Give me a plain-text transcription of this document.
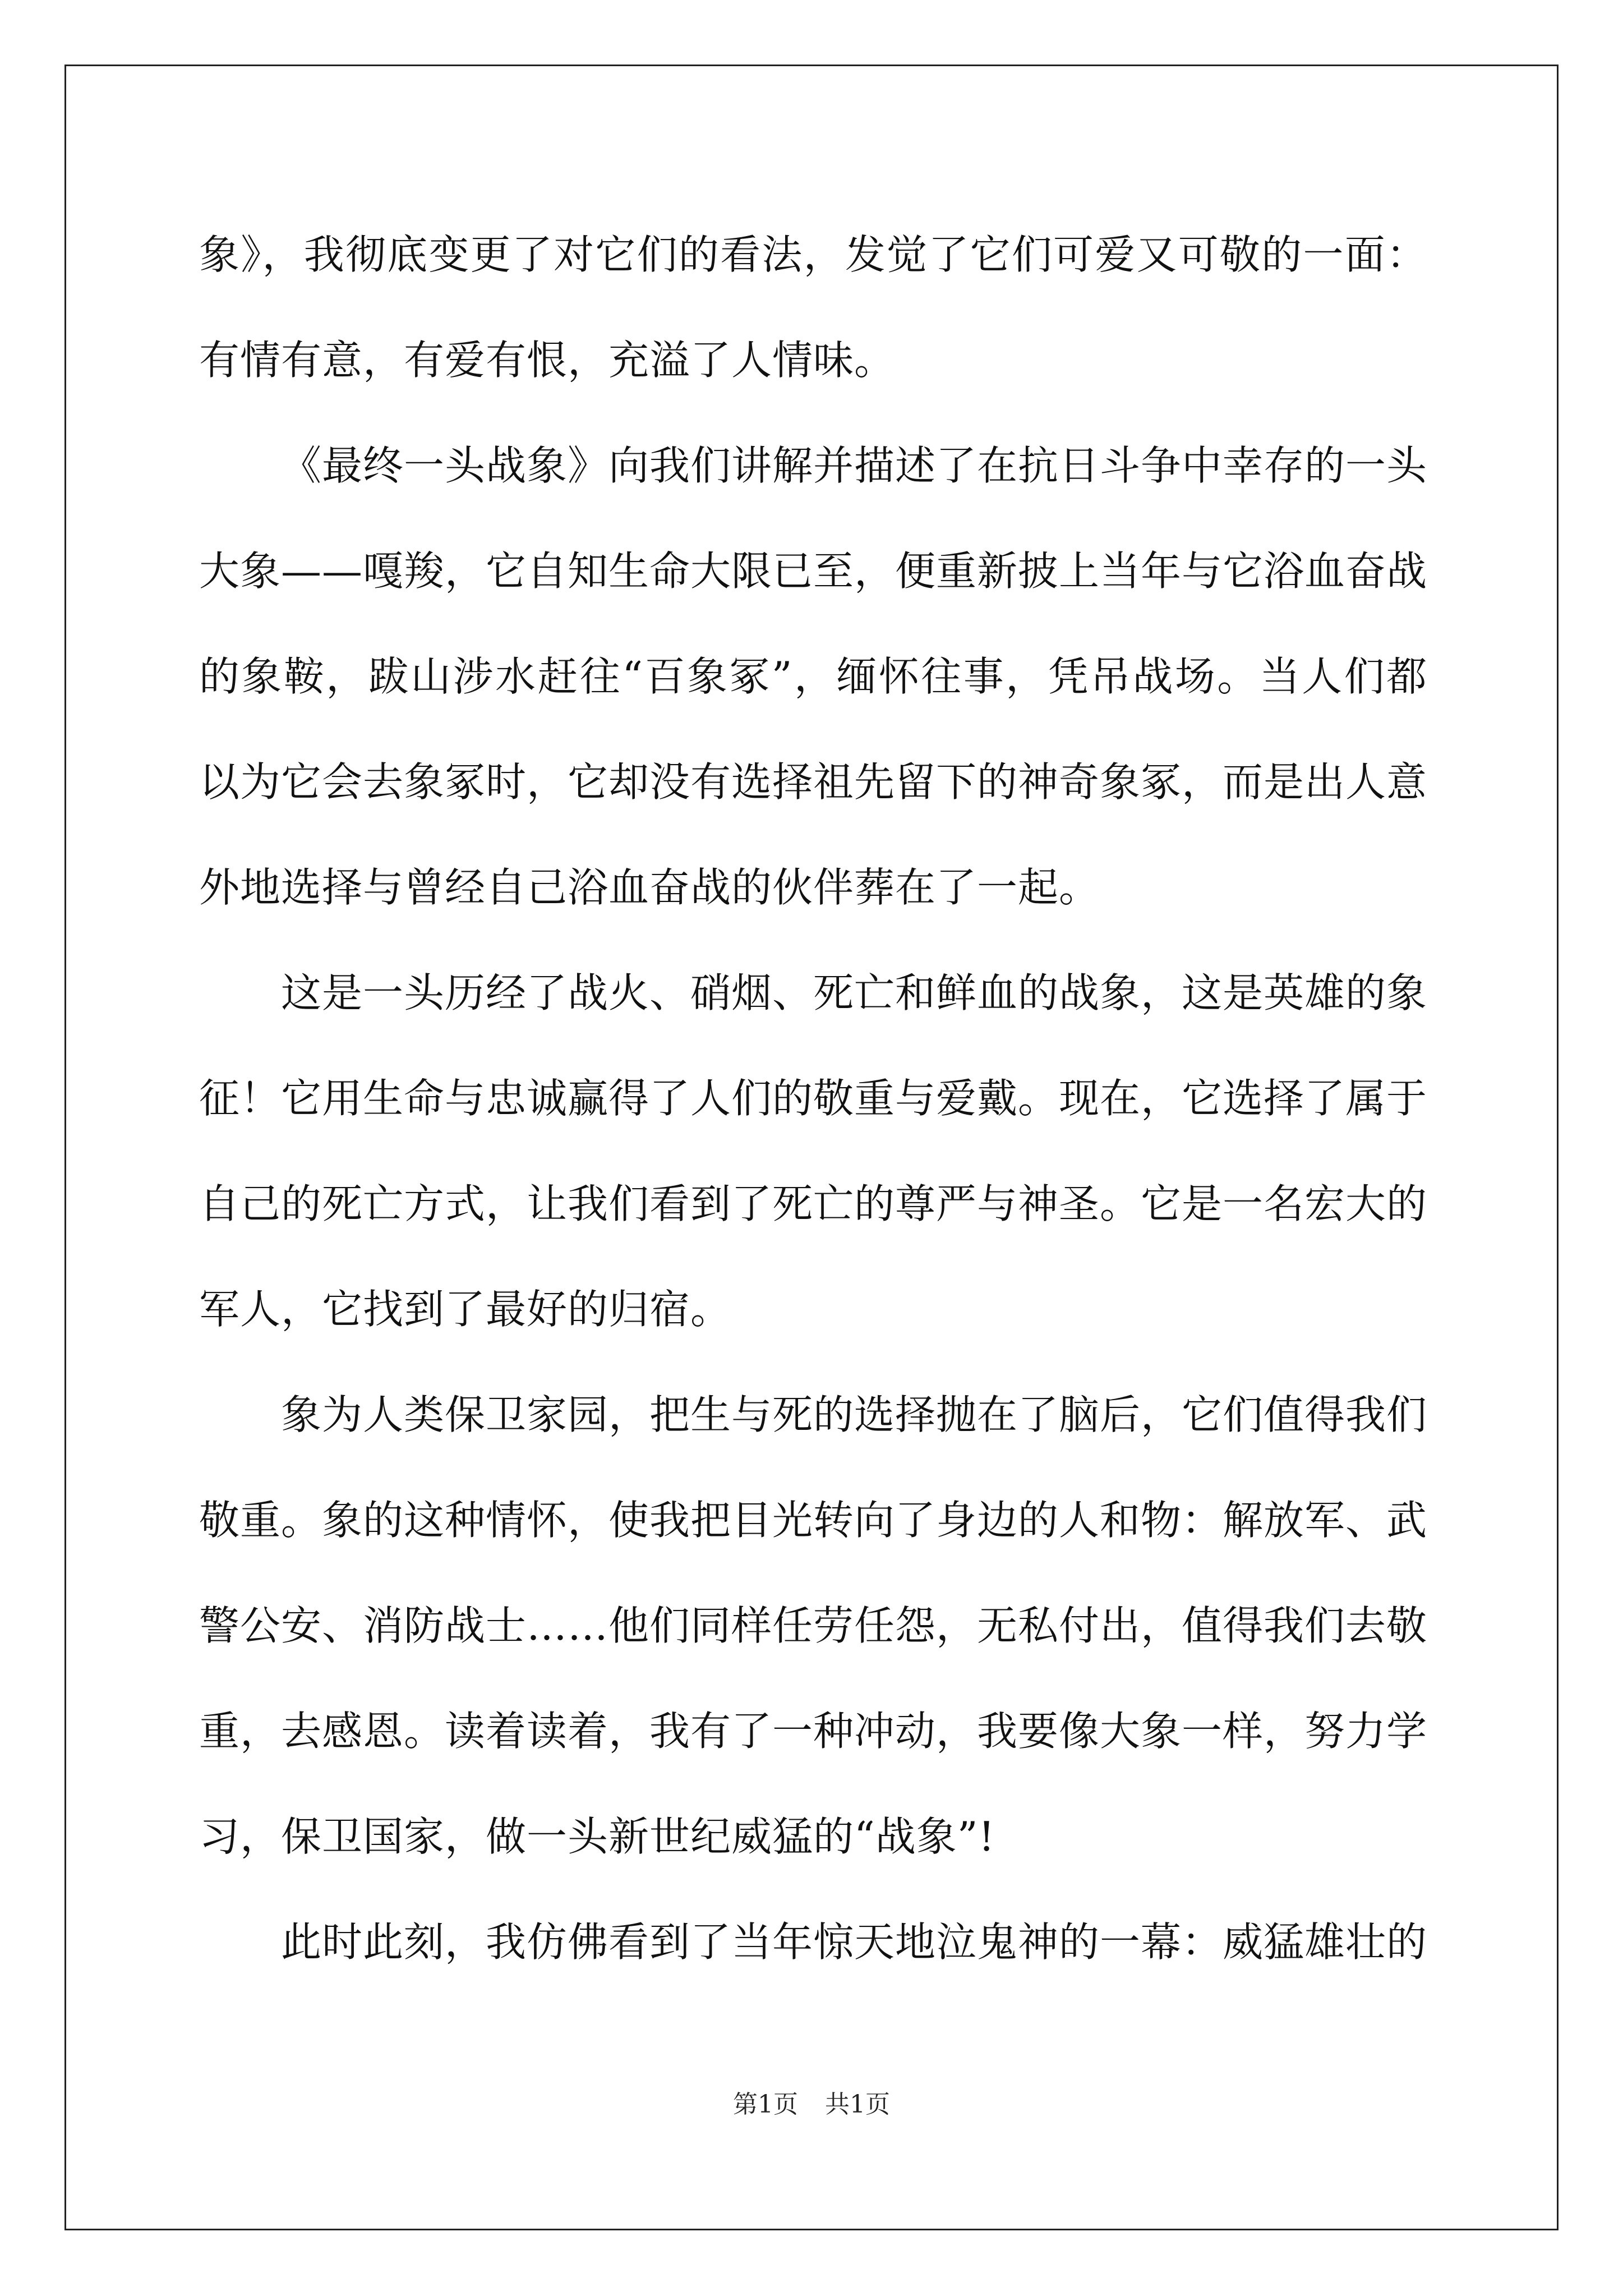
象》，我彻底变更了对它们的看法，发觉了它们可爱又可敬的一面：有情有意，有爱有恨，充溢了人情味。

《最终一头战象》向我们讲解并描述了在抗日斗争中幸存的一头大象——嘎羧，它自知生命大限已至，便重新披上当年与它浴血奋战的象鞍，跋山涉水赶往“百象冢”，缅怀往事，凭吊战场。当人们都以为它会去象冢时，它却没有选择祖先留下的神奇象冢，而是出人意外地选择与曾经自己浴血奋战的伙伴葬在了一起。

这是一头历经了战火、硝烟、死亡和鲜血的战象，这是英雄的象征！它用生命与忠诚赢得了人们的敬重与爱戴。现在，它选择了属于自己的死亡方式，让我们看到了死亡的尊严与神圣。它是一名宏大的军人，它找到了最好的归宿。

象为人类保卫家园，把生与死的选择抛在了脑后，它们值得我们敬重。象的这种情怀，使我把目光转向了身边的人和物：解放军、武警公安、消防战士……他们同样任劳任怨，无私付出，值得我们去敬重，去感恩。读着读着，我有了一种冲动，我要像大象一样，努力学习，保卫国家，做一头新世纪威猛的“战象”!

此时此刻，我仿佛看到了当年惊天地泣鬼神的一幕：威猛雄壮的

第1页 共1页
